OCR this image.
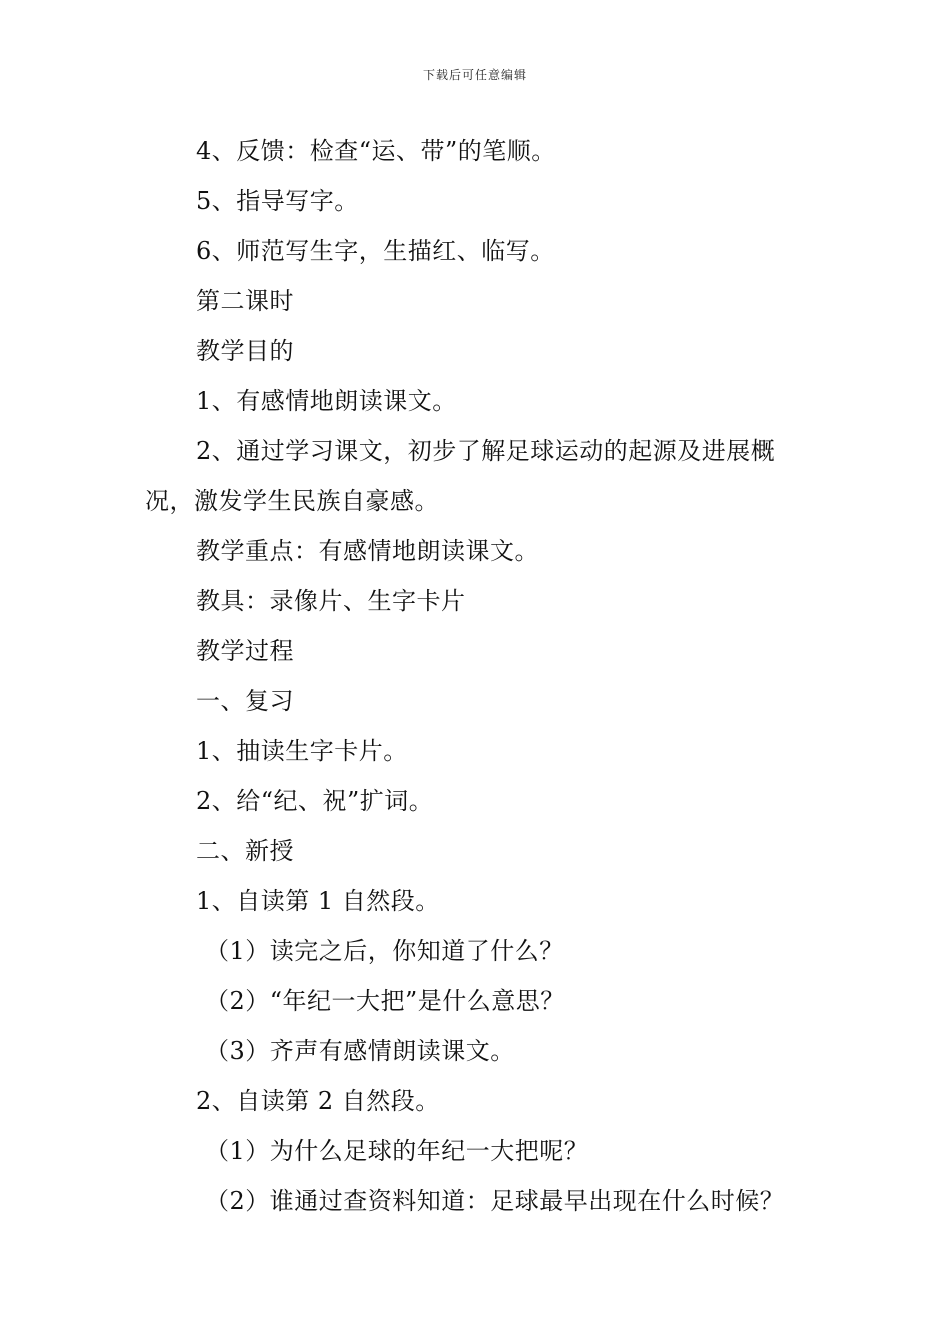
下载后可任意编辑
4、反馈：检查“运、带”的笔顺。
5、指导写字。
6、师范写生字，生描红、临写。
第二课时
教学目的
1、有感情地朗读课文。
2、通过学习课文，初步了解足球运动的起源及进展概
况，激发学生民族自豪感。
教学重点：有感情地朗读课文。
教具：录像片、生字卡片
教学过程
一、复习
1、抽读生字卡片。
2、给“纪、祝”扩词。
二、新授
1、自读第 1 自然段。
（1）读完之后，你知道了什么？
（2）“年纪一大把”是什么意思？
（3）齐声有感情朗读课文。
2、自读第 2 自然段。
（1）为什么足球的年纪一大把呢？
（2）谁通过查资料知道：足球最早出现在什么时候？
